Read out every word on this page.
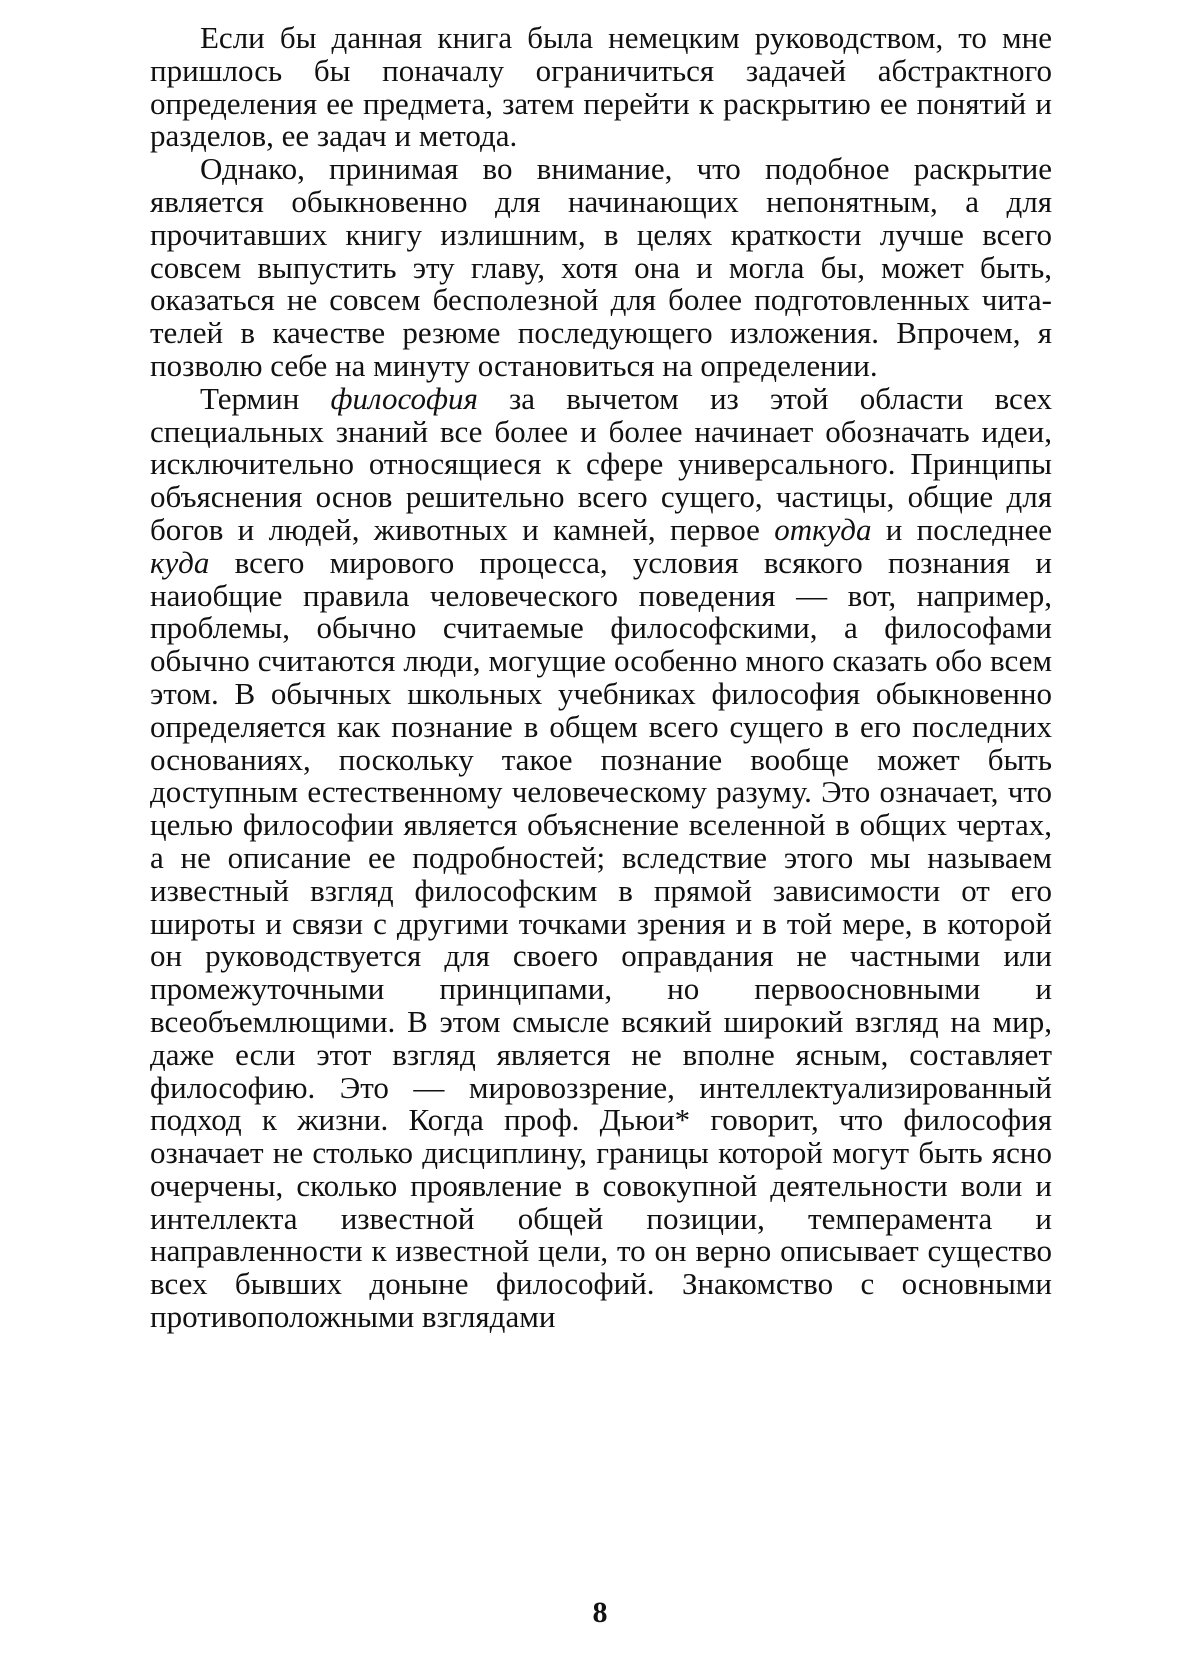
Если бы данная книга была немецким руководством, то мне пришлось бы поначалу ограничиться задачей абстрактного определения ее предмета, затем перейти к раскрытию ее понятий и разделов, ее задач и метода.

Однако, принимая во внимание, что подобное раскрытие является обыкновенно для начинающих непонятным, а для прочитавших книгу излишним, в целях краткости лучше всего совсем выпустить эту главу, хотя она и могла бы, может быть, оказаться не совсем бесполезной для более подготовленных читателей в качестве резюме последующего изложения. Впрочем, я позволю себе на минуту остановиться на определении.

Термин философия за вычетом из этой области всех специальных знаний все более и более начинает обозначать идеи, исключительно относящиеся к сфере универсального. Принципы объяснения основ решительно всего сущего, частицы, общие для богов и людей, животных и камней, первое откуда и последнее куда всего мирового процесса, условия всякого познания и наиобщие правила человеческого поведения — вот, например, проблемы, обычно считаемые философскими, а философами обычно считаются люди, могущие особенно много сказать обо всем этом. В обычных школьных учебниках философия обыкновенно определяется как познание в общем всего сущего в его последних основаниях, поскольку такое познание вообще может быть доступным естественному человеческому разуму. Это означает, что целью философии является объяснение вселенной в общих чертах, а не описание ее подробностей; вследствие этого мы называем известный взгляд философским в прямой зависимости от его широты и связи с другими точками зрения и в той мере, в которой он руководствуется для своего оправдания не частными или промежуточными принципами, но первоосновными и всеобъемлющими. В этом смысле всякий широкий взгляд на мир, даже если этот взгляд является не вполне ясным, составляет философию. Это — мировоззрение, интеллектуализированный подход к жизни. Когда проф. Дьюи* говорит, что философия означает не столько дисциплину, границы которой могут быть ясно очерчены, сколько проявление в совокупной деятельности воли и интеллекта известной общей позиции, темперамента и направленности к известной цели, то он верно описывает существо всех бывших доныне философий. Знакомство с основными противоположными взглядами

8
